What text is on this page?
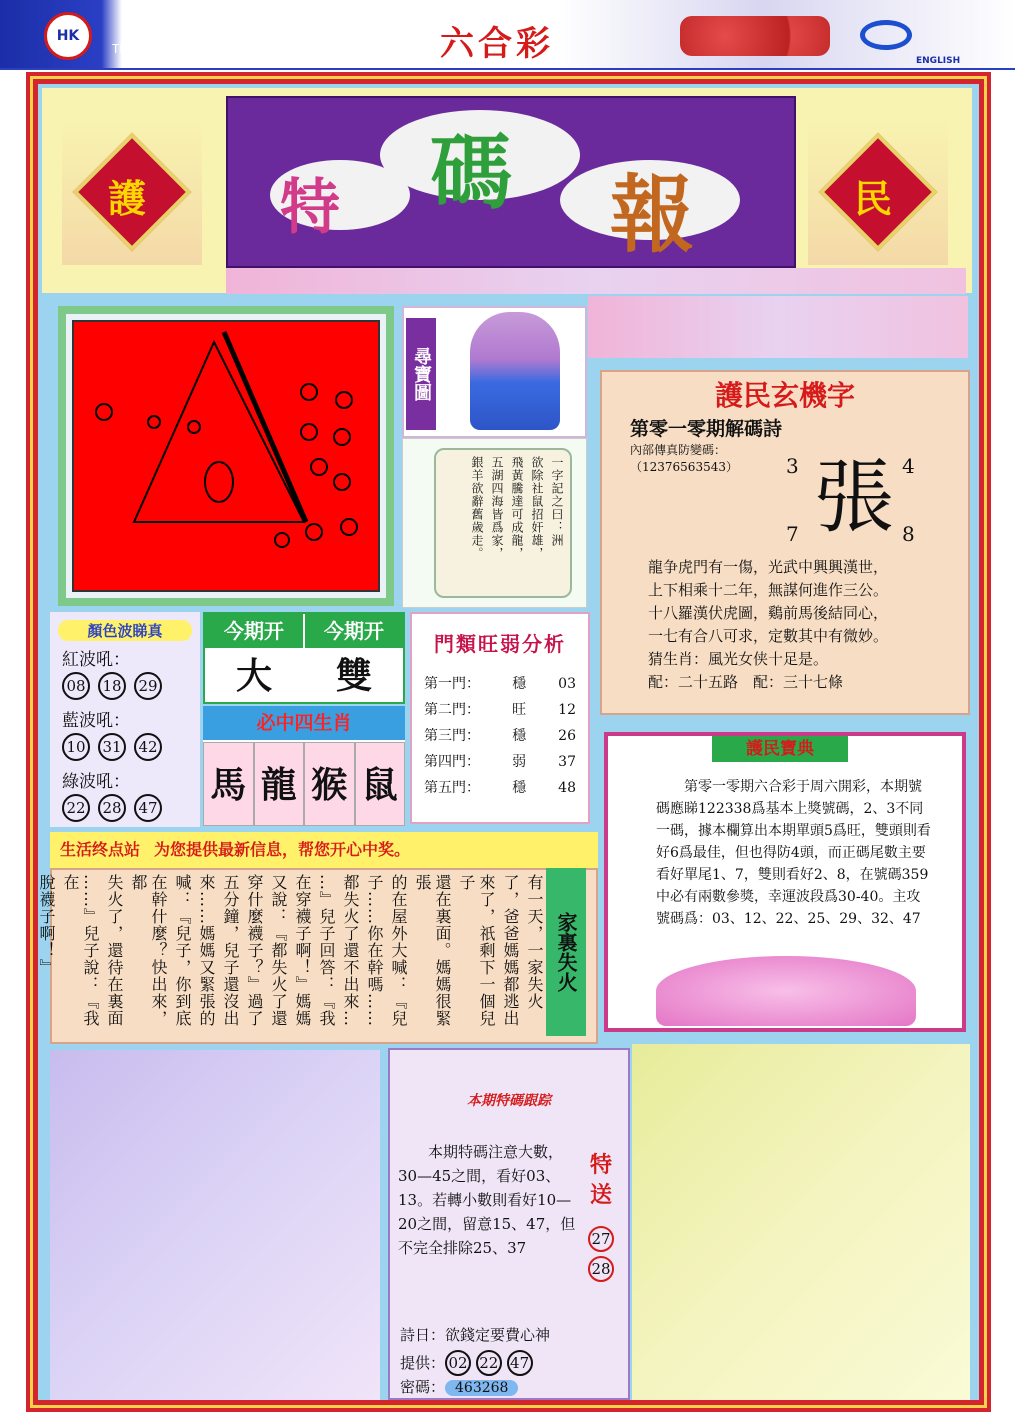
HK	香港赛马会
The Hong Kong Jockey Club	六合彩	ENGLISH
護	民
特 碼 報
尋寶圖
一字記之曰：洲
欲除社鼠招奸雄，
飛黃騰達可成龍，
五湖四海皆爲家，
銀羊欲辭舊歲走。
顏色波睇真
紅波吼：
08 18 29
藍波吼：
10 31 42
綠波吼：
22 28 47
今期开
大
今期开
雙
必中四生肖
馬 龍 猴 鼠
門類旺弱分析
第一門： 穩 03
第二門： 旺 12
第三門： 穩 26
第四門： 弱 37
第五門： 穩 48
護民玄機字
第零一零期解碼詩
內部傳真防變碼：
（12376563543）	3	4
7	8
張
龍争虎門有一傷，光武中興興漢世，
上下相乘十二年，無謀何進作三公。
十八羅漢伏虎圖，鷄前馬後結同心，
一七有合八可求，定數其中有微妙。
猜生肖：風光女侠十足是。
配：二十五路　配：三十七條
第零一零期六合彩于周六開彩，本期號碼應睇122338爲基本上獎號碼，2、3不同一碼，據本欄算出本期單頭5爲旺，雙頭則看好6爲最佳，但也得防4頭，而正碼尾數主要看好單尾1、7，雙則看好2、8，在號碼359中必有兩數參獎，幸運波段爲30-40。主攻號碼爲：03、12、22、25、29、32、47
護民寶典
生活终点站 为您提供最新信息，帮您开心中奖。
有一天，一家失火
了，爸爸媽媽都逃出
來了，祇剩下一個兒子
還在裏面。媽媽很緊張
的在屋外大喊：『兒
子……你在幹嗎……
都失火了還不出來…
…』兒子回答：『我
在穿襪子啊！』媽媽
又說：『都失火了還
穿什麼襪子？』過了
五分鐘，兒子還沒出
來……媽媽又緊張的
喊：『兒子，你到底
在幹什麼？快出來，都
失火了，還待在裏面
……』兒子說：『我在
脫襪子啊！』	家裏失火
本期特碼跟踪
本期特碼注意大數，30—45之間，看好03、13。若轉小數則看好10—20之間，留意15、47，但不完全排除25、37
特
送
2728
詩日：欲錢定要費心神
提供： 02 22 47
密碼： 463268
